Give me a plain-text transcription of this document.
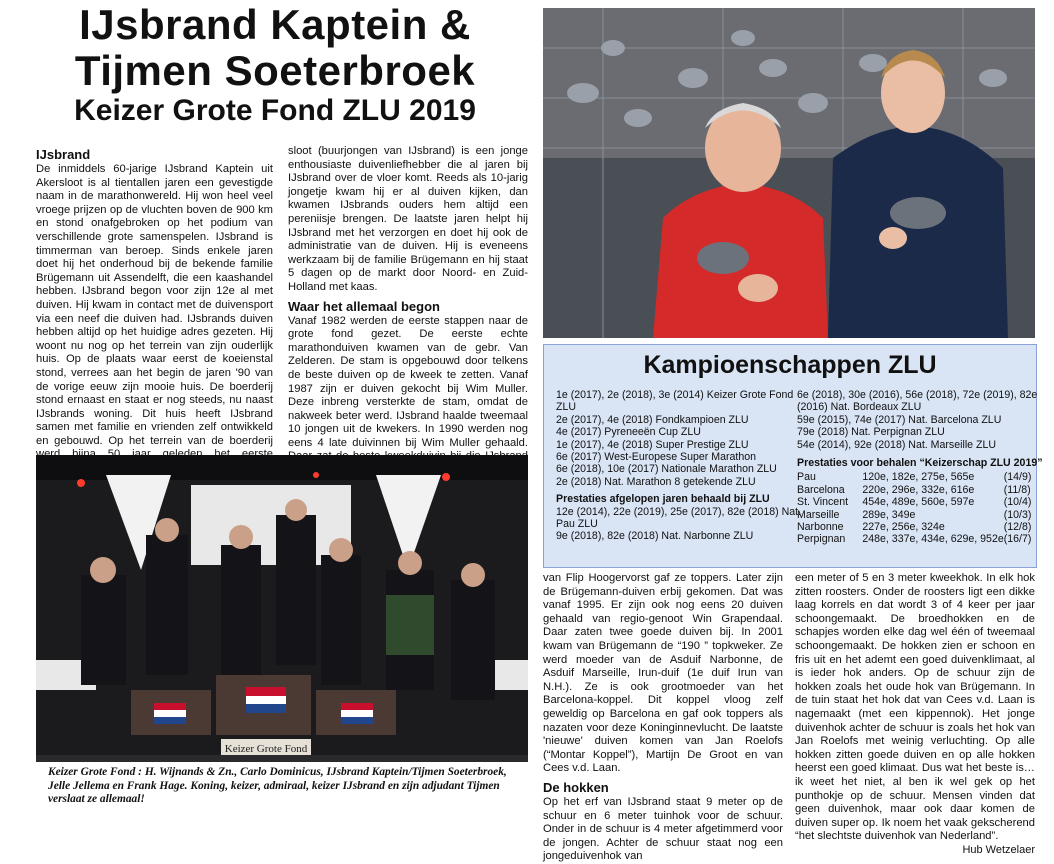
IJsbrand Kaptein &
Tijmen Soeterbroek
Keizer Grote Fond ZLU 2019
IJsbrand

De inmiddels 60-jarige IJsbrand Kaptein uit Akersloot is al tientallen jaren een gevestigde naam in de marathonwereld. Hij won heel veel vroege prijzen op de vluchten boven de 900 km en stond onafgebroken op het podium van verschillende grote samenspelen. IJsbrand is timmerman van beroep. Sinds enkele jaren doet hij het onderhoud bij de bekende familie Brügemann uit Assendelft, die een kaashandel hebben. IJsbrand begon voor zijn 12e al met duiven. Hij kwam in contact met de duivensport via een neef die duiven had. IJsbrands duiven hebben altijd op het huidige adres gezeten. Hij woont nu nog op het terrein van zijn ouderlijk huis. Op de plaats waar eerst de koeienstal stond, verrees aan het begin de jaren '90 van de vorige eeuw zijn mooie huis. De boerderij stond ernaast en staat er nog steeds, nu naast IJsbrands woning. Dit huis heeft IJsbrand samen met familie en vrienden zelf ontwikkeld en gebouwd. Op het terrein van de boerderij

sloot (buurjongen van IJsbrand) is een jonge enthousiaste duivenliefhebber die al jaren bij IJsbrand over de vloer komt. Reeds als 10-jarig jongetje kwam hij er al duiven kijken, dan kwamen IJsbrands ouders hem altijd een pereniisje brengen. De laatste jaren helpt hij IJsbrand met het verzorgen en doet hij ook de administratie van de duiven. Hij is eveneens werkzaam bij de familie Brügemann en hij staat 5 dagen op de markt door Noord- en Zuid-Holland met kaas.

Waar het allemaal begon

Vanaf 1982 werden de eerste stappen naar de grote fond gezet. De eerste echte marathonduiven kwamen van de gebr. Van Zelderen. De stam is opgebouwd door telkens de beste duiven op de kweek te zetten. Vanaf 1987 zijn er duiven gekocht bij Wim Muller. Deze inbreng versterkte de stam, omdat de nakweek beter werd. IJsbrand haalde tweemaal 10 jongen uit de kwekers. In 1990 werden nog eens 4 late duivinnen bij Wim Muller gehaald.

Keizer Grote Fond
Keizer Grote Fond : H. Wijnands & Zn., Carlo Dominicus, IJsbrand Kaptein/Tijmen Soeterbroek, Jelle Jellema en Frank Hage. Koning, keizer, admiraal, keizer IJsbrand en zijn adjudant Tijmen verslaat ze allemaal!
Kampioenschappen ZLU
1e (2017), 2e (2018), 3e (2014) Keizer Grote Fond
ZLU
2e (2017), 4e (2018) Fondkampioen ZLU
4e (2017) Pyreneeën Cup ZLU
1e (2017), 4e (2018) Super Prestige ZLU
6e (2017) West-Europese Super Marathon
6e (2018), 10e (2017) Nationale Marathon ZLU
2e (2018) Nat. Marathon 8 getekende ZLU
Prestaties afgelopen jaren behaald bij ZLU
12e (2014), 22e (2019), 25e (2017), 82e (2018) Nat.
Pau ZLU
9e (2018), 82e (2018) Nat. Narbonne ZLU
6e (2018), 30e (2016), 56e (2018), 72e (2019), 82e
(2016) Nat. Bordeaux ZLU
59e (2015), 74e (2017) Nat. Barcelona ZLU
79e (2018) Nat. Perpignan ZLU
54e (2014), 92e (2018) Nat. Marseille ZLU
Prestaties voor behalen “Keizerschap ZLU 2019”
Pau	120e, 182e, 275e, 565e	(14/9)
Barcelona	220e, 296e, 332e, 616e	(11/8)
St. Vincent	454e, 489e, 560e, 597e	(10/4)
Marseille	289e, 349e	(10/3)
Narbonne	227e, 256e, 324e	(12/8)
Perpignan	248e, 337e, 434e, 629e, 952e	(16/7)

van Flip Hoogervorst gaf ze toppers. Later zijn de Brügemann-duiven erbij gekomen. Dat was vanaf 1995. Er zijn ook nog eens 20 duiven gehaald van regio-genoot Win Grapendaal. Daar zaten twee goede duiven bij. In 2001 kwam van Brügemann de “190 ” topkweker. Ze werd moeder van de Asduif Narbonne, de Asduif Marseille, Irun-duif (1e duif Irun van N.H.). Ze is ook grootmoeder van het Barcelona-koppel. Dit koppel vloog zelf geweldig op Barcelona en gaf ook toppers als nazaten voor deze Koninginnevlucht. De laatste 'nieuwe' duiven komen van Jan Roelofs (“Montar Koppel”), Martijn De Groot en van Cees v.d. Laan.

De hokken

Op het erf van IJsbrand staat 9 meter op de schuur en 6 meter tuinhok voor de schuur. Onder in de schuur is 4 meter afgetimmerd voor de jongen. Achter de schuur staat nog een jongeduivenhok van

een meter of 5 en 3 meter kweekhok. In elk hok zitten roosters. Onder de roosters ligt een dikke laag korrels en dat wordt 3 of 4 keer per jaar schoongemaakt. De broedhokken en de schapjes worden elke dag wel één of tweemaal schoongemaakt. De hokken zien er schoon en fris uit en het ademt een goed duivenklimaat, al is ieder hok anders. Op de schuur zijn de hokken zoals het oude hok van Brügemann. In de tuin staat het hok dat van Cees v.d. Laan is nagemaakt (met een kippennok). Het jonge duivenhok achter de schuur is zoals het hok van Jan Roelofs met weinig verluchting. Op alle hokken zitten goede duiven en op alle hokken heerst een goed klimaat. Dus wat het beste is… ik weet het niet, al ben ik wel gek op het punthokje op de schuur. Mensen vinden dat geen duivenhok, maar ook daar komen de duiven super op. Ik noem het vaak gekscherend “het slechtste duivenhok van Nederland”.

Hub Wetzelaer
